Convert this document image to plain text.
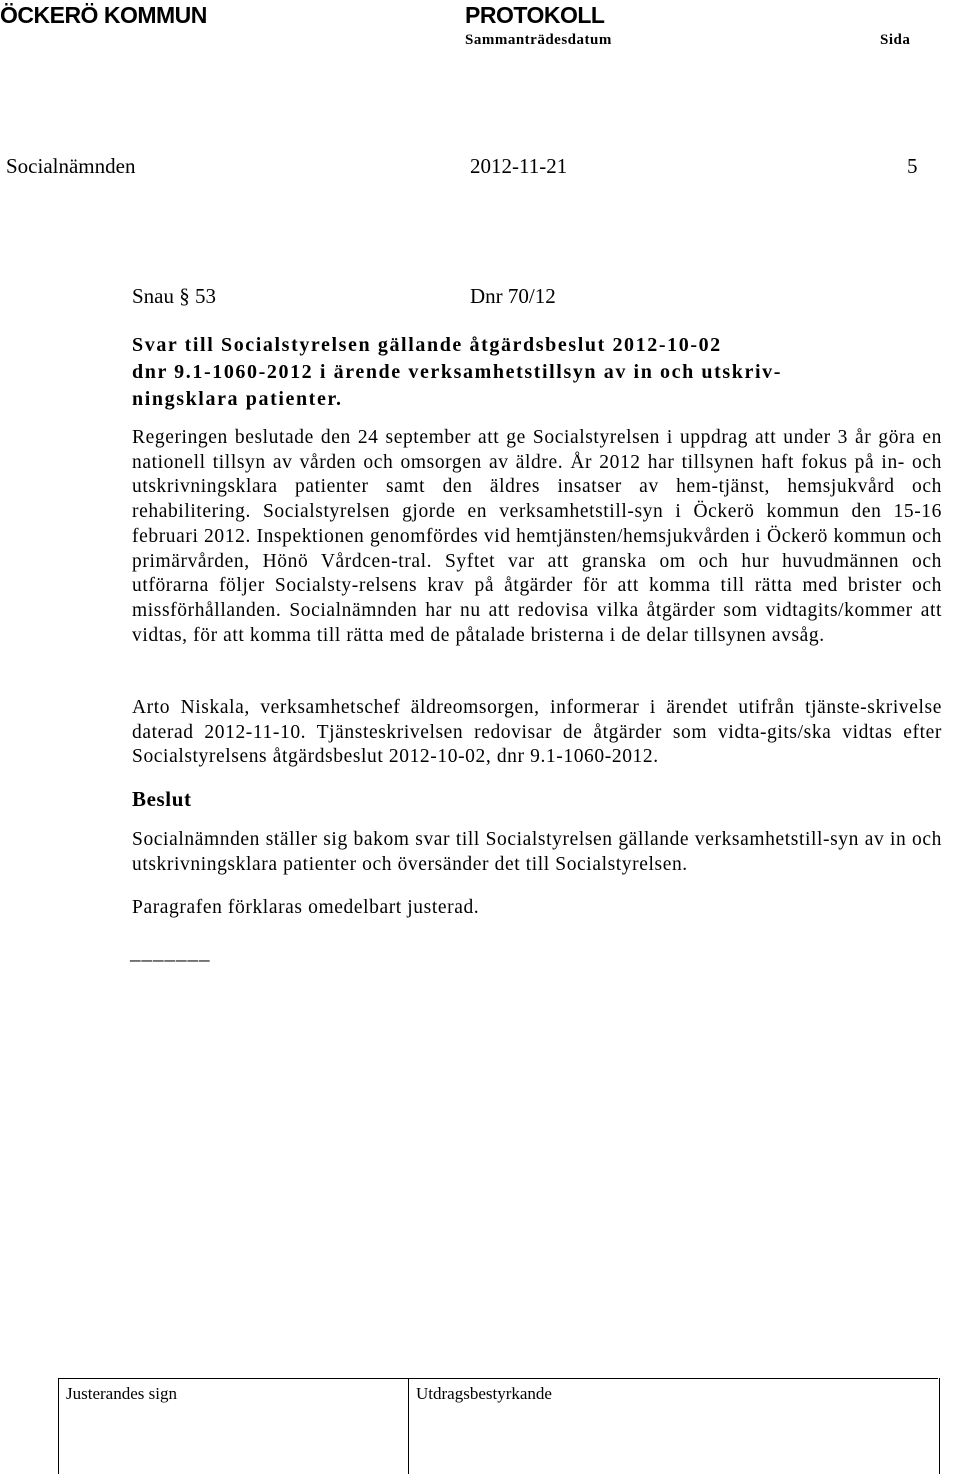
ÖCKERÖ KOMMUN	PROTOKOLL
Sammanträdesdatum	Sida
Socialnämnden	2012-11-21	5
Snau § 53	Dnr 70/12
Svar till Socialstyrelsen gällande åtgärdsbeslut 2012-10-02
dnr 9.1-1060-2012 i ärende verksamhetstillsyn av in och utskriv-
ningsklara patienter.
Regeringen beslutade den 24 september att ge Socialstyrelsen i uppdrag att under 3 år göra en nationell tillsyn av vården och omsorgen av äldre. År 2012 har tillsynen haft fokus på in- och utskrivningsklara patienter samt den äldres insatser av hem-tjänst, hemsjukvård och rehabilitering. Socialstyrelsen gjorde en verksamhetstill-syn i Öckerö kommun den 15-16 februari 2012. Inspektionen genomfördes vid hemtjänsten/hemsjukvården i Öckerö kommun och primärvården, Hönö Vårdcen-tral. Syftet var att granska om och hur huvudmännen och utförarna följer Socialsty-relsens krav på åtgärder för att komma till rätta med brister och missförhållanden. Socialnämnden har nu att redovisa vilka åtgärder som vidtagits/kommer att vidtas, för att komma till rätta med de påtalade bristerna i de delar tillsynen avsåg.
Arto Niskala, verksamhetschef äldreomsorgen, informerar i ärendet utifrån tjänste-skrivelse daterad 2012-11-10. Tjänsteskrivelsen redovisar de åtgärder som vidta-gits/ska vidtas efter Socialstyrelsens åtgärdsbeslut 2012-10-02, dnr 9.1-1060-2012.
Beslut
Socialnämnden ställer sig bakom svar till Socialstyrelsen gällande verksamhetstill-syn av in och utskrivningsklara patienter och översänder det till Socialstyrelsen.
Paragrafen förklaras omedelbart justerad.
_______
Justerandes sign	Utdragsbestyrkande
